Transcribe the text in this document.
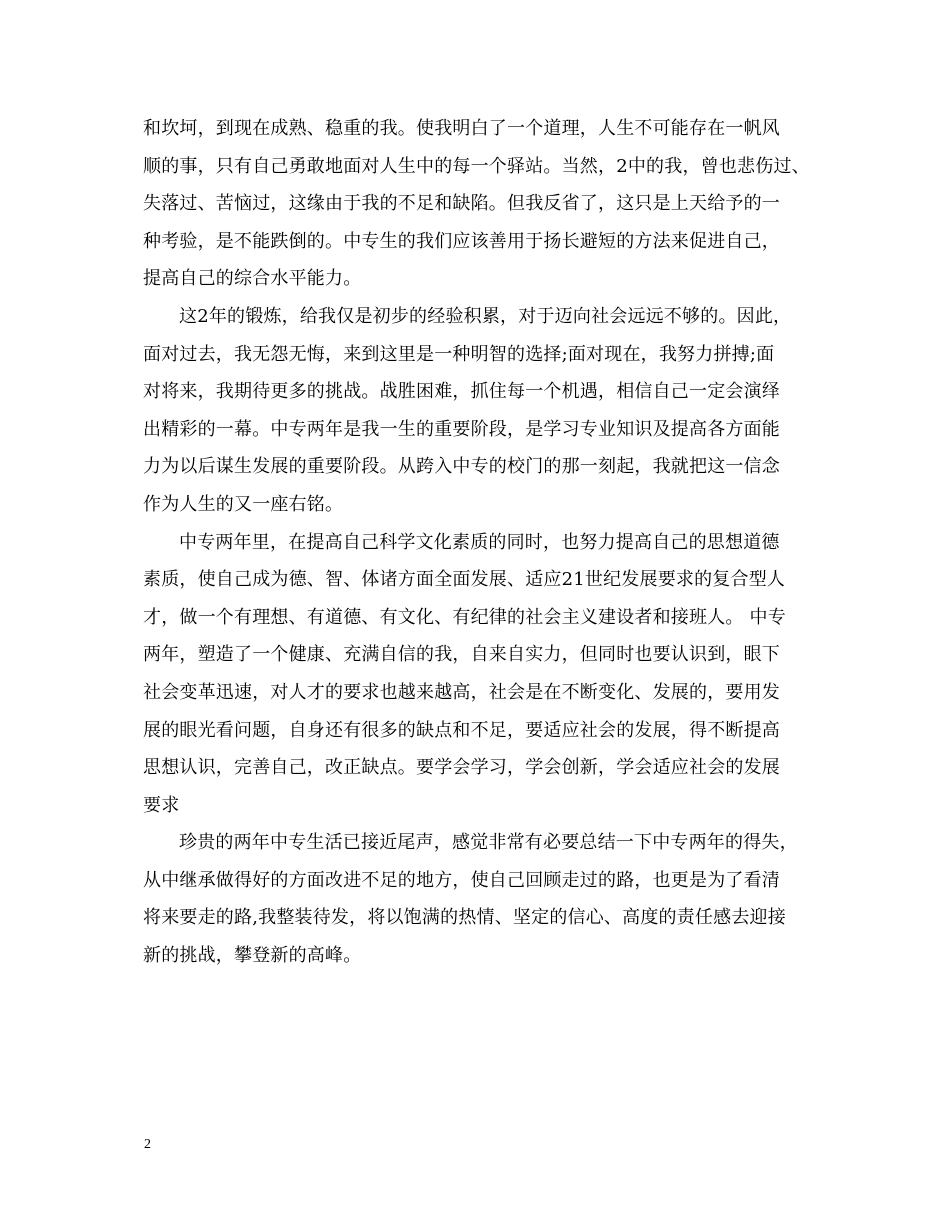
和坎坷，到现在成熟、稳重的我。使我明白了一个道理，人生不可能存在一帆风
顺的事，只有自己勇敢地面对人生中的每一个驿站。当然，2中的我，曾也悲伤过、
失落过、苦恼过，这缘由于我的不足和缺陷。但我反省了，这只是上天给予的一
种考验，是不能跌倒的。中专生的我们应该善用于扬长避短的方法来促进自己，
提高自己的综合水平能力。
这2年的锻炼，给我仅是初步的经验积累，对于迈向社会远远不够的。因此，
面对过去，我无怨无悔，来到这里是一种明智的选择;面对现在，我努力拼搏;面
对将来，我期待更多的挑战。战胜困难，抓住每一个机遇，相信自己一定会演绎
出精彩的一幕。中专两年是我一生的重要阶段，是学习专业知识及提高各方面能
力为以后谋生发展的重要阶段。从跨入中专的校门的那一刻起，我就把这一信念
作为人生的又一座右铭。
中专两年里，在提高自己科学文化素质的同时，也努力提高自己的思想道德
素质，使自己成为德、智、体诸方面全面发展、适应21世纪发展要求的复合型人
才，做一个有理想、有道德、有文化、有纪律的社会主义建设者和接班人。 中专
两年，塑造了一个健康、充满自信的我，自来自实力，但同时也要认识到，眼下
社会变革迅速，对人才的要求也越来越高，社会是在不断变化、发展的，要用发
展的眼光看问题，自身还有很多的缺点和不足，要适应社会的发展，得不断提高
思想认识，完善自己，改正缺点。要学会学习，学会创新，学会适应社会的发展
要求
珍贵的两年中专生活已接近尾声，感觉非常有必要总结一下中专两年的得失，
从中继承做得好的方面改进不足的地方，使自己回顾走过的路，也更是为了看清
将来要走的路,我整装待发，将以饱满的热情、坚定的信心、高度的责任感去迎接
新的挑战，攀登新的高峰。
2
